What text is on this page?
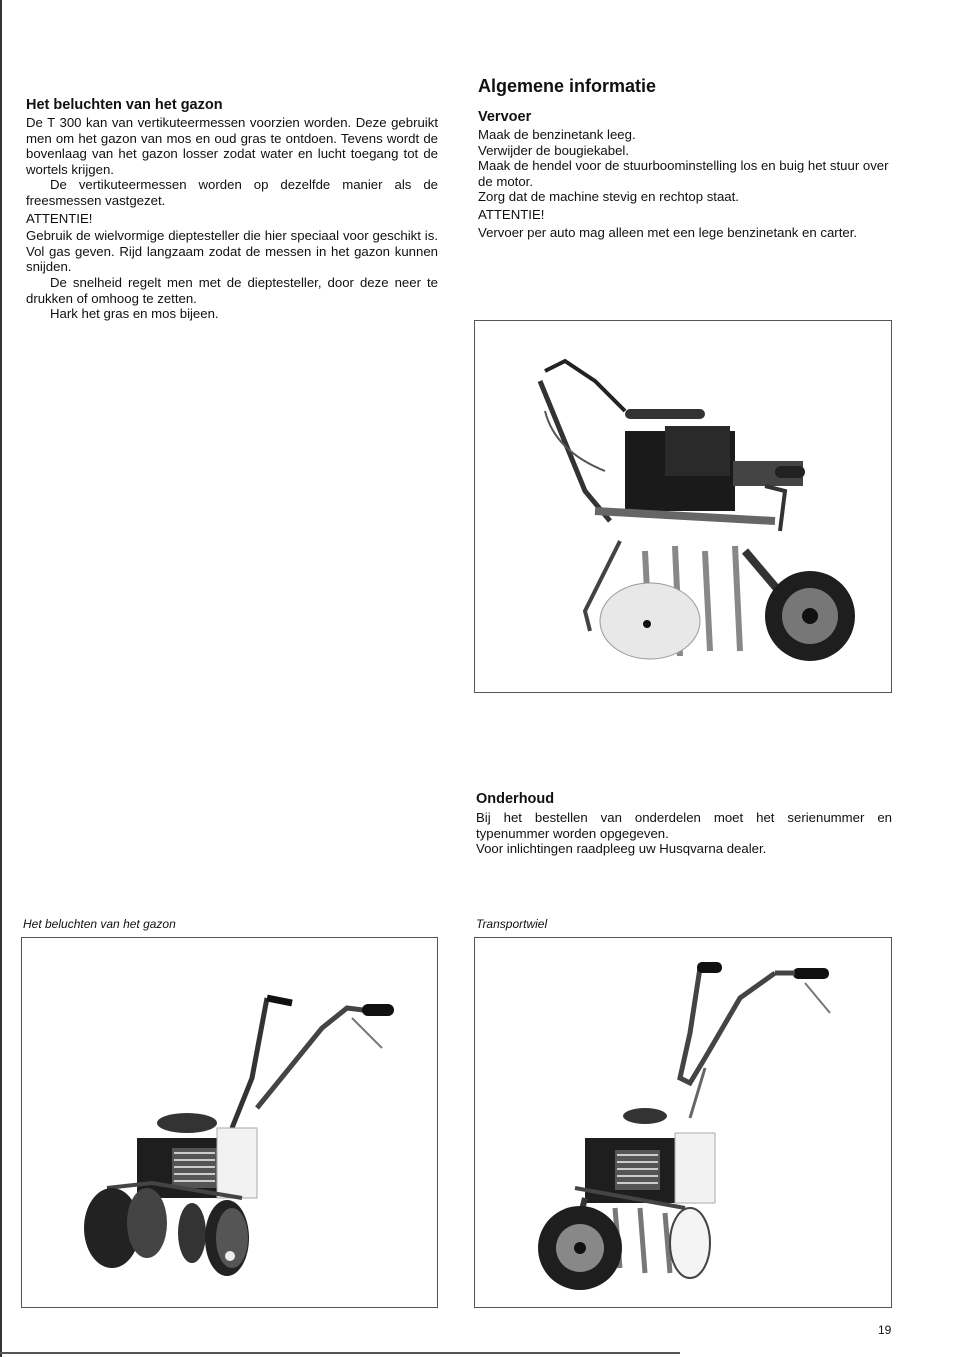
Het beluchten van het gazon

De T 300 kan van vertikuteermessen voorzien worden. Deze gebruikt men om het gazon van mos en oud gras te ontdoen. Tevens wordt de bovenlaag van het gazon losser zodat water en lucht toegang tot de wortels krijgen.

De vertikuteermessen worden op dezelfde manier als de freesmessen vastgezet.

ATTENTIE!

Gebruik de wielvormige dieptesteller die hier speciaal voor geschikt is. Vol gas geven. Rijd langzaam zodat de messen in het gazon kunnen snijden.

De snelheid regelt men met de dieptesteller, door deze neer te drukken of omhoog te zetten.

Hark het gras en mos bijeen.

Algemene informatie
Vervoer

Maak de benzinetank leeg.

Verwijder de bougiekabel.

Maak de hendel voor de stuurboominstelling los en buig het stuur over de motor.

Zorg dat de machine stevig en rechtop staat.

ATTENTIE!

Vervoer per auto mag alleen met een lege benzinetank en carter.

Onderhoud

Bij het bestellen van onderdelen moet het serienummer en typenummer worden opgegeven.

Voor inlichtingen raadpleeg uw Husqvarna dealer.

Het beluchten van het gazon	Transportwiel
19
